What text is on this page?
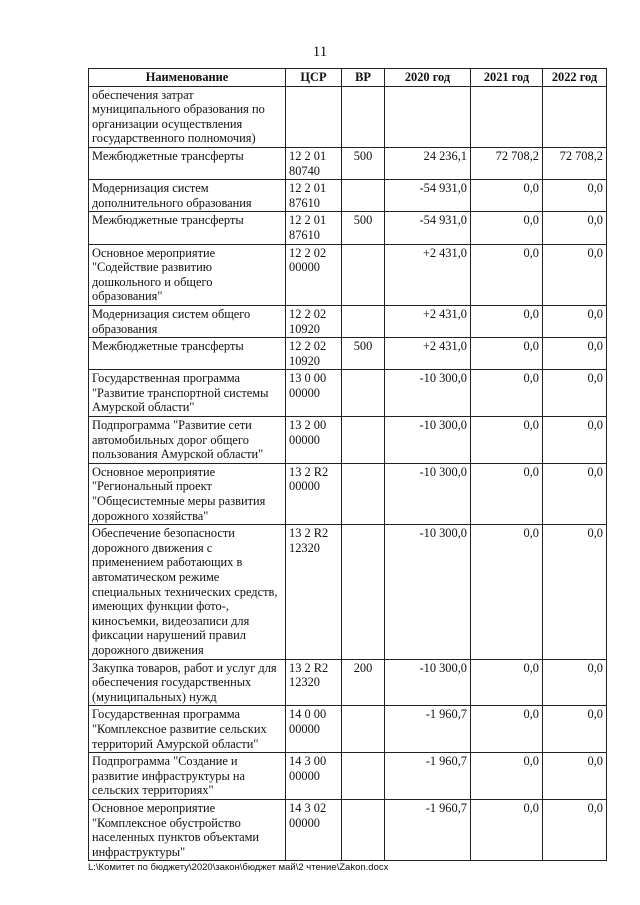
11
Наименование	ЦСР	ВР	2020 год	2021 год	2022 год
обеспечения затрат муниципального образования по организации осуществления государственного полномочия)					
Межбюджетные трансферты	12 2 01 80740	500	24 236,1	72 708,2	72 708,2
Модернизация систем дополнительного образования	12 2 01 87610		-54 931,0	0,0	0,0
Межбюджетные трансферты	12 2 01 87610	500	-54 931,0	0,0	0,0
Основное мероприятие "Содействие развитию дошкольного и общего образования"	12 2 02 00000		+2 431,0	0,0	0,0
Модернизация систем общего образования	12 2 02 10920		+2 431,0	0,0	0,0
Межбюджетные трансферты	12 2 02 10920	500	+2 431,0	0,0	0,0
Государственная программа "Развитие транспортной системы Амурской области"	13 0 00 00000		-10 300,0	0,0	0,0
Подпрограмма "Развитие сети автомобильных дорог общего пользования Амурской области"	13 2 00 00000		-10 300,0	0,0	0,0
Основное мероприятие "Региональный проект "Общесистемные меры развития дорожного хозяйства"	13 2 R2 00000		-10 300,0	0,0	0,0
Обеспечение безопасности дорожного движения с применением работающих в автоматическом режиме специальных технических средств, имеющих функции фото-, киносъемки, видеозаписи для фиксации нарушений правил дорожного движения	13 2 R2 12320		-10 300,0	0,0	0,0
Закупка товаров, работ и услуг для обеспечения государственных (муниципальных) нужд	13 2 R2 12320	200	-10 300,0	0,0	0,0
Государственная программа "Комплексное развитие сельских территорий Амурской области"	14 0 00 00000		-1 960,7	0,0	0,0
Подпрограмма "Создание и развитие инфраструктуры на сельских территориях"	14 3 00 00000		-1 960,7	0,0	0,0
Основное мероприятие "Комплексное обустройство населенных пунктов объектами инфраструктуры"	14 3 02 00000		-1 960,7	0,0	0,0
L:\Комитет по бюджету\2020\закон\бюджет май\2 чтение\Zakon.docx
